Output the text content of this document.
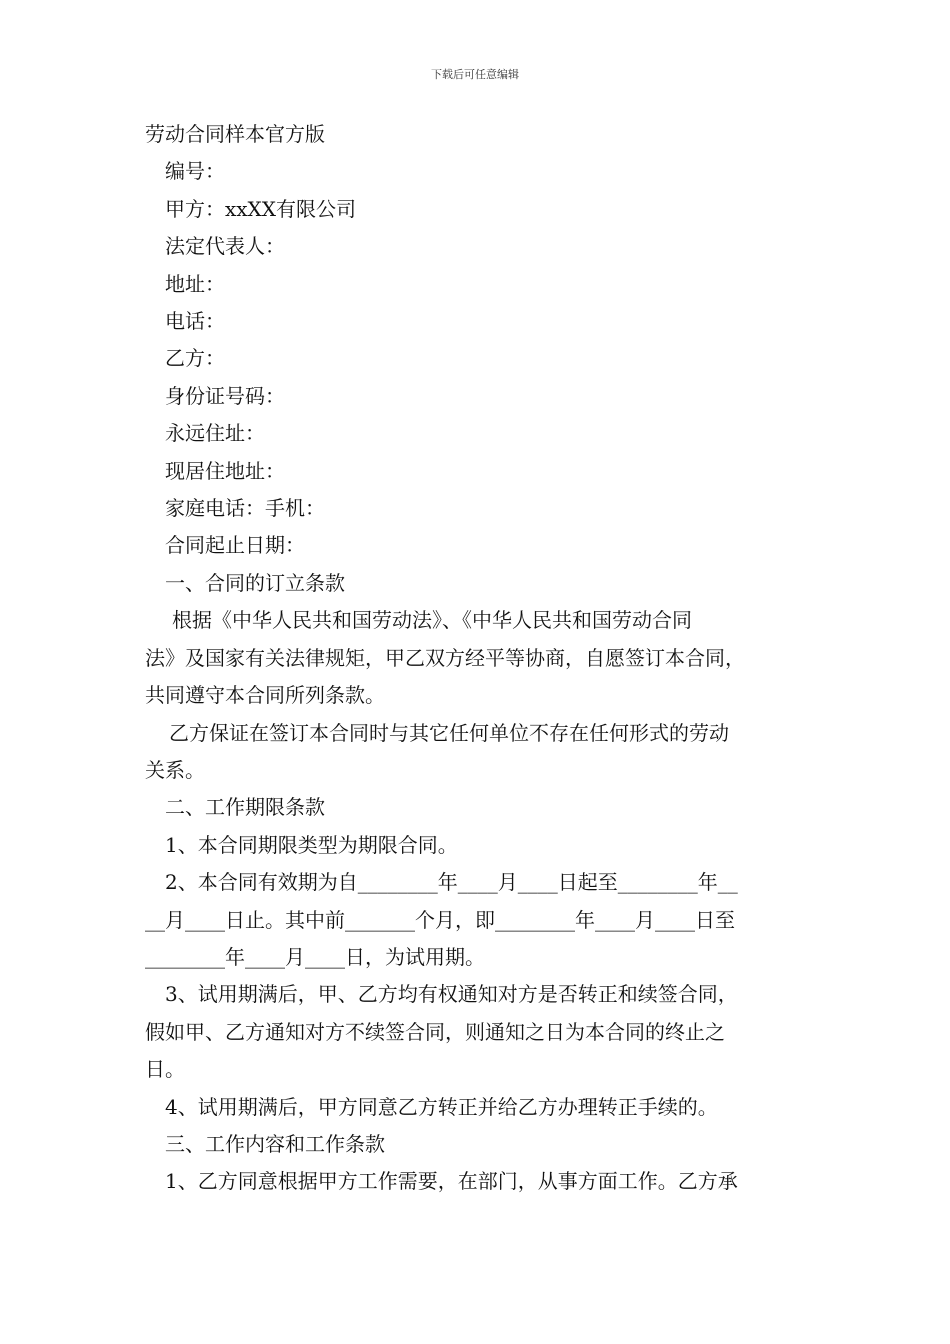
下载后可任意编辑

劳动合同样本官方版

编号：

甲方：xxXX有限公司

法定代表人：

地址：

电话：

乙方：

身份证号码：

永远住址：

现居住地址：

家庭电话：手机：

合同起止日期：

一、合同的订立条款

根据《中华人民共和国劳动法》、《中华人民共和国劳动合同

法》及国家有关法律规矩，甲乙双方经平等协商，自愿签订本合同，

共同遵守本合同所列条款。

乙方保证在签订本合同时与其它任何单位不存在任何形式的劳动

关系。

二、工作期限条款

1、本合同期限类型为期限合同。

2、本合同有效期为自________年____月____日起至________年__

__月____日止。其中前_______个月，即________年____月____日至

________年____月____日，为试用期。

3、试用期满后，甲、乙方均有权通知对方是否转正和续签合同，

假如甲、乙方通知对方不续签合同，则通知之日为本合同的终止之

日。

4、试用期满后，甲方同意乙方转正并给乙方办理转正手续的。

三、工作内容和工作条款

1、乙方同意根据甲方工作需要，在部门，从事方面工作。乙方承
